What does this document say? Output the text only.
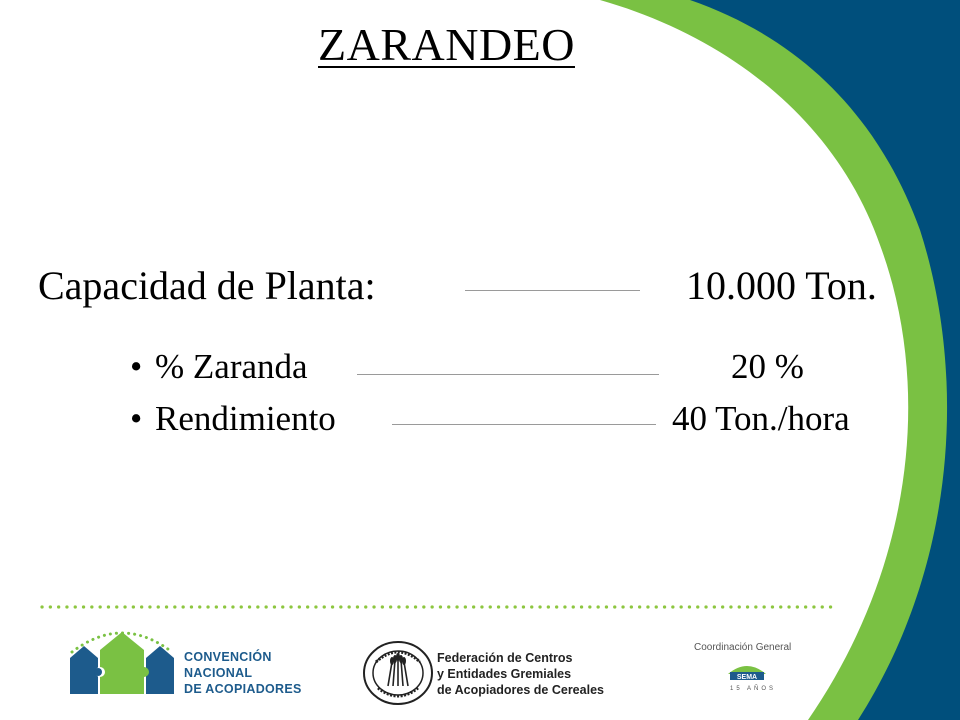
ZARANDEO
Capacidad de Planta:	10.000 Ton.
• % Zaranda	20 %
• Rendimiento	40 Ton./hora
CONVENCIÓN
NACIONAL
DE ACOPIADORES
Federación de Centros
y Entidades Gremiales
de Acopiadores de Cereales
Coordinación General
SEMA
15 AÑOS
